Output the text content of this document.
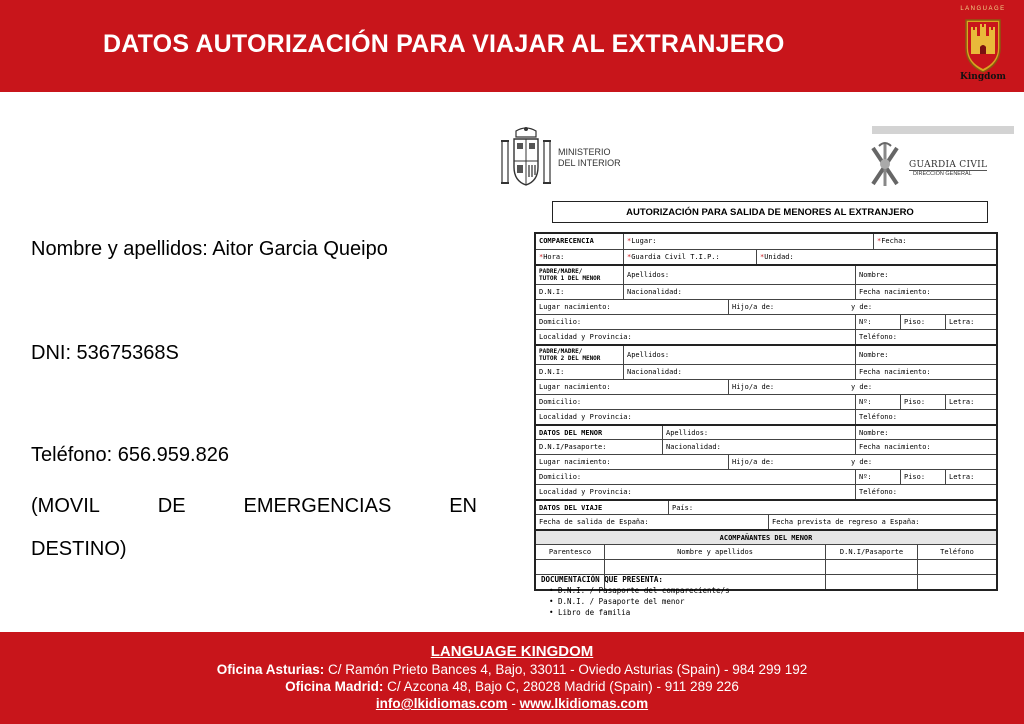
DATOS AUTORIZACIÓN PARA VIAJAR AL EXTRANJERO
LANGUAGE
Kingdom
Nombre y apellidos: Aitor Garcia Queipo
DNI: 53675368S
Teléfono: 656.959.826
(MOVIL	DE	EMERGENCIAS	EN
DESTINO)
MINISTERIO
DEL INTERIOR	GUARDIA CIVIL
DIRECCIÓN GENERAL
AUTORIZACIÓN PARA SALIDA DE MENORES AL EXTRANJERO
COMPARECENCIA	*Lugar:	*Fecha:
*Hora:	*Guardia Civil T.I.P.:	*Unidad:
PADRE/MADRE/
TUTOR 1 DEL MENOR	Apellidos:	Nombre:
D.N.I:	Nacionalidad:	Fecha nacimiento:
Lugar nacimiento:	Hijo/a de:	y de:
Domicilio:	Nº:	Piso:	Letra:
Localidad y Provincia:	Teléfono:
PADRE/MADRE/
TUTOR 2 DEL MENOR	Apellidos:	Nombre:
D.N.I:	Nacionalidad:	Fecha nacimiento:
Lugar nacimiento:	Hijo/a de:	y de:
Domicilio:	Nº:	Piso:	Letra:
Localidad y Provincia:	Teléfono:
DATOS DEL MENOR	Apellidos:	Nombre:
D.N.I/Pasaporte:	Nacionalidad:	Fecha nacimiento:
Lugar nacimiento:	Hijo/a de:	y de:
Domicilio:	Nº:	Piso:	Letra:
Localidad y Provincia:	Teléfono:
DATOS DEL VIAJE	País:
Fecha de salida de España:	Fecha prevista de regreso a España:
ACOMPAÑANTES DEL MENOR
Parentesco	Nombre y apellidos	D.N.I/Pasaporte	Teléfono
DOCUMENTACIÓN QUE PRESENTA:
• D.N.I. / Pasaporte del compareciente/s
• D.N.I. / Pasaporte del menor
• Libro de familia
LANGUAGE KINGDOM
Oficina Asturias: C/ Ramón Prieto Bances 4, Bajo, 33011 - Oviedo Asturias (Spain) - 984 299 192
Oficina Madrid: C/ Azcona 48, Bajo C, 28028 Madrid (Spain) - 911 289 226
info@lkidiomas.com - www.lkidiomas.com
